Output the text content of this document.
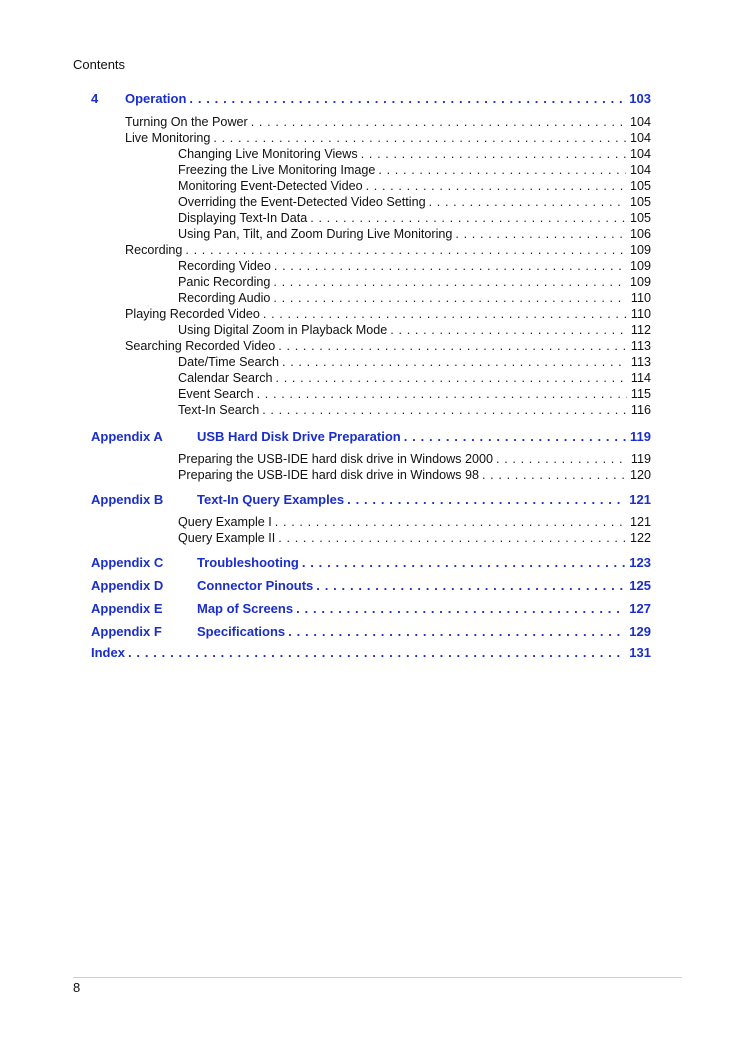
Contents
4 Operation . . .	103
Turning On the Power . . .	104
Live Monitoring . . .	104
Changing Live Monitoring Views . . .	104
Freezing the Live Monitoring Image . . .	104
Monitoring Event-Detected Video . . .	105
Overriding the Event-Detected Video Setting . . .	105
Displaying Text-In Data . . .	105
Using Pan, Tilt, and Zoom During Live Monitoring . . .	106
Recording . . .	109
Recording Video . . .	109
Panic Recording . . .	109
Recording Audio . . .	110
Playing Recorded Video . . .	110
Using Digital Zoom in Playback Mode . . .	112
Searching Recorded Video . . .	113
Date/Time Search . . .	113
Calendar Search . . .	114
Event Search . . .	115
Text-In Search . . .	116
Appendix A	USB Hard Disk Drive Preparation . . .	119
Preparing the USB-IDE hard disk drive in Windows 2000 . . .	119
Preparing the USB-IDE hard disk drive in Windows 98 . . .	120
Appendix B	Text-In Query Examples . . .	121
Query Example I . . .	121
Query Example II . . .	122
Appendix C	Troubleshooting . . .	123
Appendix D	Connector Pinouts . . .	125
Appendix E	Map of Screens . . .	127
Appendix F	Specifications . . .	129
Index . . .	131
8
